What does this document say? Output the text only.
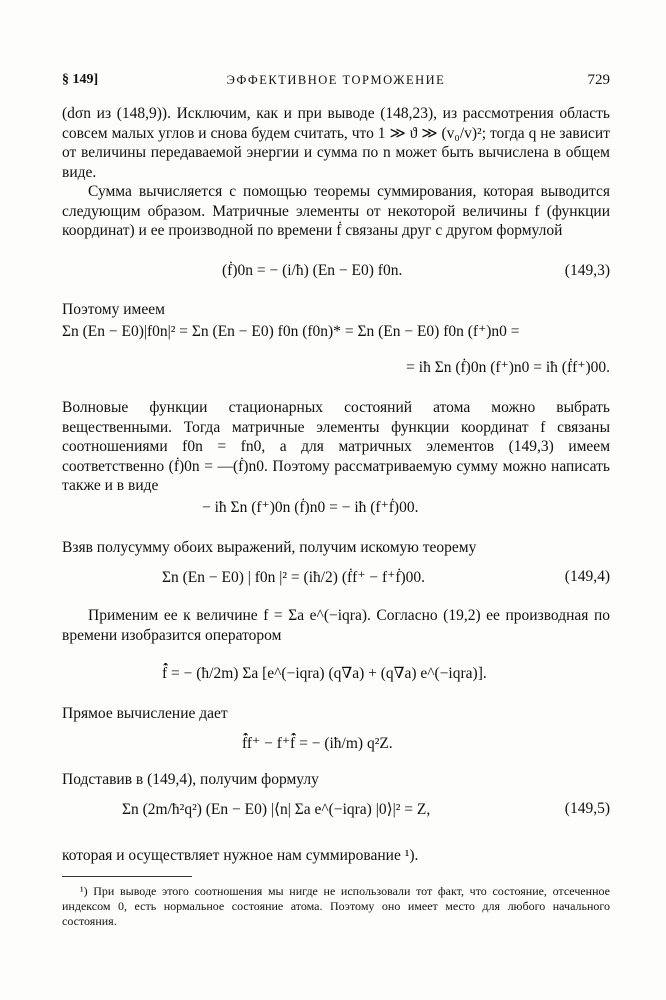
§ 149]	ЭФФЕКТИВНОЕ ТОРМОЖЕНИЕ	729

(dσn из (148,9)). Исключим, как и при выводе (148,23), из рассмотрения область совсем малых углов и снова будем считать, что 1 ≫ ϑ ≫ (v₀/v)²; тогда q не зависит от величины передаваемой энергии и сумма по n может быть вычислена в общем виде.

Сумма вычисляется с помощью теоремы суммирования, которая выводится следующим образом. Матричные элементы от некоторой величины f (функции координат) и ее производной по времени ḟ связаны друг с другом формулой

(ḟ)0n = − (i/ħ) (En − E0) f0n.	(149,3)

Поэтому имеем

Σn (En − E0)|f0n|² = Σn (En − E0) f0n (f0n)* = Σn (En − E0) f0n (f⁺)n0 =
= iħ Σn (ḟ)0n (f⁺)n0 = iħ (ḟf⁺)00.

Волновые функции стационарных состояний атома можно выбрать вещественными. Тогда матричные элементы функции координат f связаны соотношениями f0n = fn0, а для матричных элементов (149,3) имеем соответственно (ḟ)0n = —(ḟ)n0. Поэтому рассматриваемую сумму можно написать также и в виде

− iħ Σn (f⁺)0n (ḟ)n0 = − iħ (f⁺ḟ)00.

Взяв полусумму обоих выражений, получим искомую теорему

Σn (En − E0) | f0n |² = (iħ/2) (ḟf⁺ − f⁺ḟ)00.	(149,4)

Применим ее к величине f = Σa e^(−iqra). Согласно (19,2) ее производная по времени изобразится оператором

f̂̇ = − (ħ/2m) Σa [e^(−iqra) (q∇a) + (q∇a) e^(−iqra)].

Прямое вычисление дает

f̂̇f⁺ − f⁺f̂̇ = − (iħ/m) q²Z.

Подставив в (149,4), получим формулу

Σn (2m/ħ²q²) (En − E0) |⟨n| Σa e^(−iqra) |0⟩|² = Z,	(149,5)

которая и осуществляет нужное нам суммирование ¹).

¹) При выводе этого соотношения мы нигде не использовали тот факт, что состояние, отсеченное индексом 0, есть нормальное состояние атома. Поэтому оно имеет место для любого начального состояния.
